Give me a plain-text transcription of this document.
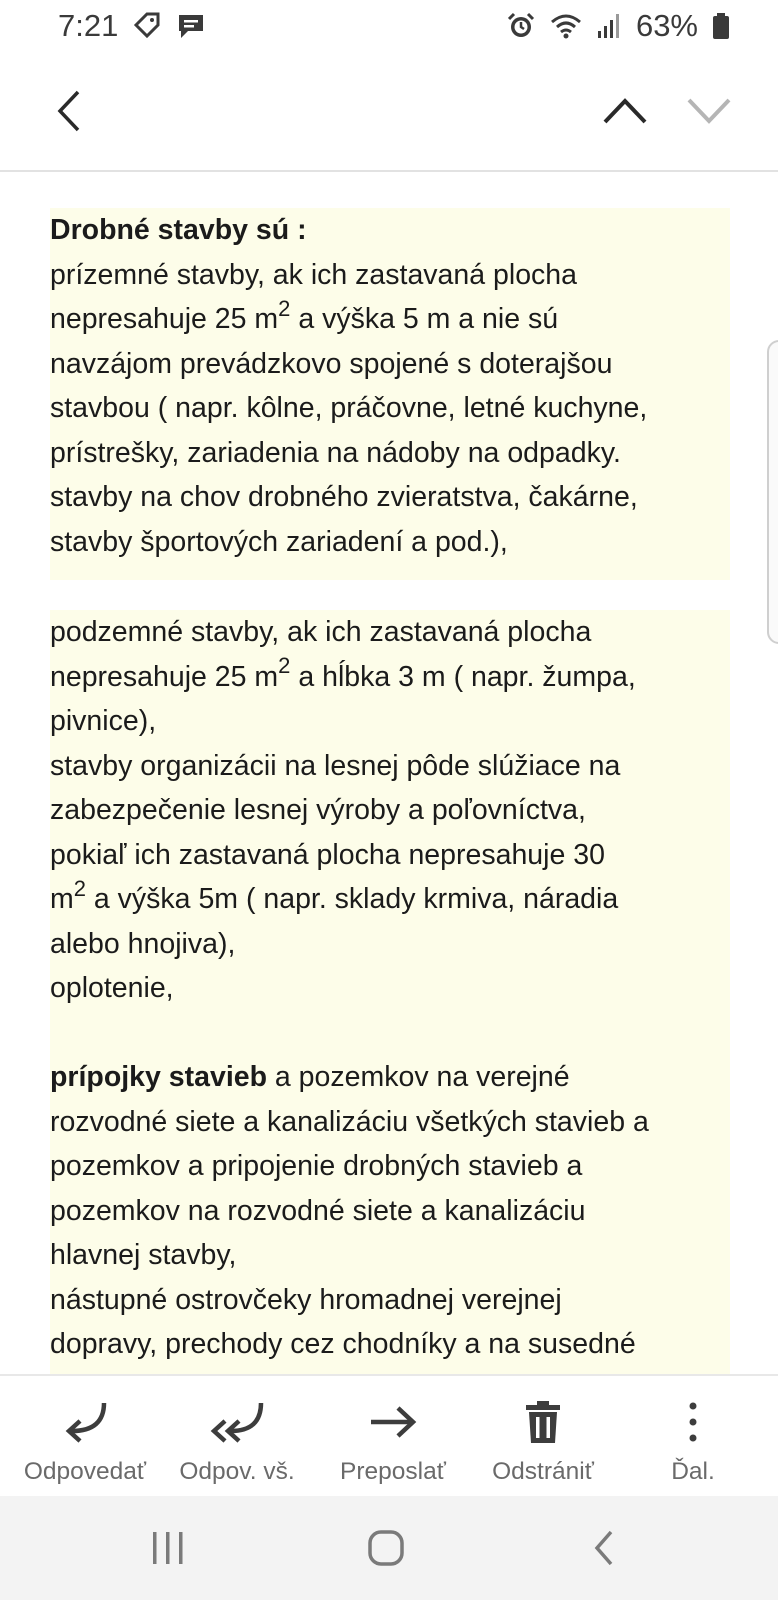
7:21	63%

Drobné stavby sú :

prízemné stavby, ak ich zastavaná plocha

nepresahuje 25 $m^2$ a výška 5 m a nie sú

navzájom prevádzkovo spojené s doterajšou

stavbou ( napr. kôlne, práčovne, letné kuchyne,

prístrešky, zariadenia na nádoby na odpadky.

stavby na chov drobného zvieratstva, čakárne,

stavby športových zariadení a pod.),

podzemné stavby, ak ich zastavaná plocha

nepresahuje 25 $m^2$ a hĺbka 3 m ( napr. žumpa,

pivnice),

stavby organizácii na lesnej pôde slúžiace na

zabezpečenie lesnej výroby a poľovníctva,

pokiaľ ich zastavaná plocha nepresahuje 30

$m^2$ a výška 5m ( napr. sklady krmiva, náradia

alebo hnojiva),

oplotenie,

prípojky stavieb a pozemkov na verejné

rozvodné siete a kanalizáciu všetkých stavieb a

pozemkov a pripojenie drobných stavieb a

pozemkov na rozvodné siete a kanalizáciu

hlavnej stavby,

nástupné ostrovčeky hromadnej verejnej

dopravy, prechody cez chodníky a na susedné

Odpovedať Odpov. vš. Preposlať Odstrániť	Ďal.
